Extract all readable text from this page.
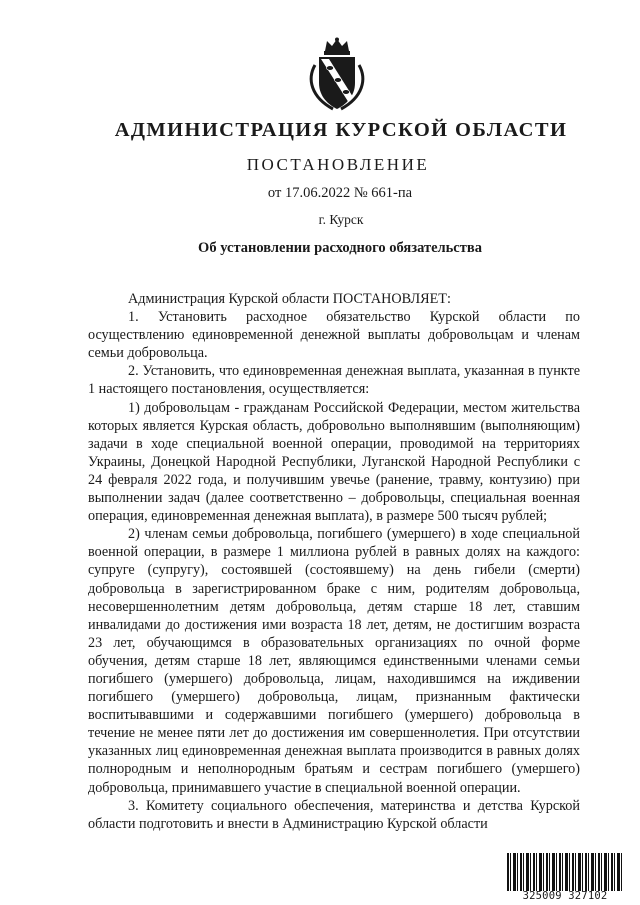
АДМИНИСТРАЦИЯ КУРСКОЙ ОБЛАСТИ
ПОСТАНОВЛЕНИЕ
от 17.06.2022 № 661-па
г. Курск
Об установлении расходного обязательства

Администрация Курской области ПОСТАНОВЛЯЕТ:

1. Установить расходное обязательство Курской области по осуществлению единовременной денежной выплаты добровольцам и членам семьи добровольца.

2. Установить, что единовременная денежная выплата, указанная в пункте 1 настоящего постановления, осуществляется:

1) добровольцам - гражданам Российской Федерации, местом жительства которых является Курская область, добровольно выполнявшим (выполняющим) задачи в ходе специальной военной операции, проводимой на территориях Украины, Донецкой Народной Республики, Луганской Народной Республики с 24 февраля 2022 года, и получившим увечье (ранение, травму, контузию) при выполнении задач (далее соответственно – добровольцы, специальная военная операция, единовременная денежная выплата), в размере 500 тысяч рублей;

2) членам семьи добровольца, погибшего (умершего) в ходе специальной военной операции, в размере 1 миллиона рублей в равных долях на каждого: супруге (супругу), состоявшей (состоявшему) на день гибели (смерти) добровольца в зарегистрированном браке с ним, родителям добровольца, несовершеннолетним детям добровольца, детям старше 18 лет, ставшим инвалидами до достижения ими возраста 18 лет, детям, не достигшим возраста 23 лет, обучающимся в образовательных организациях по очной форме обучения, детям старше 18 лет, являющимся единственными членами семьи погибшего (умершего) добровольца, лицам, находившимся на иждивении погибшего (умершего) добровольца, лицам, признанным фактически воспитывавшими и содержавшими погибшего (умершего) добровольца в течение не менее пяти лет до достижения им совершеннолетия. При отсутствии указанных лиц единовременная денежная выплата производится в равных долях полнородным и неполнородным братьям и сестрам погибшего (умершего) добровольца, принимавшего участие в специальной военной операции.

3. Комитету социального обеспечения, материнства и детства Курской области подготовить и внести в Администрацию Курской области

325009 327102
